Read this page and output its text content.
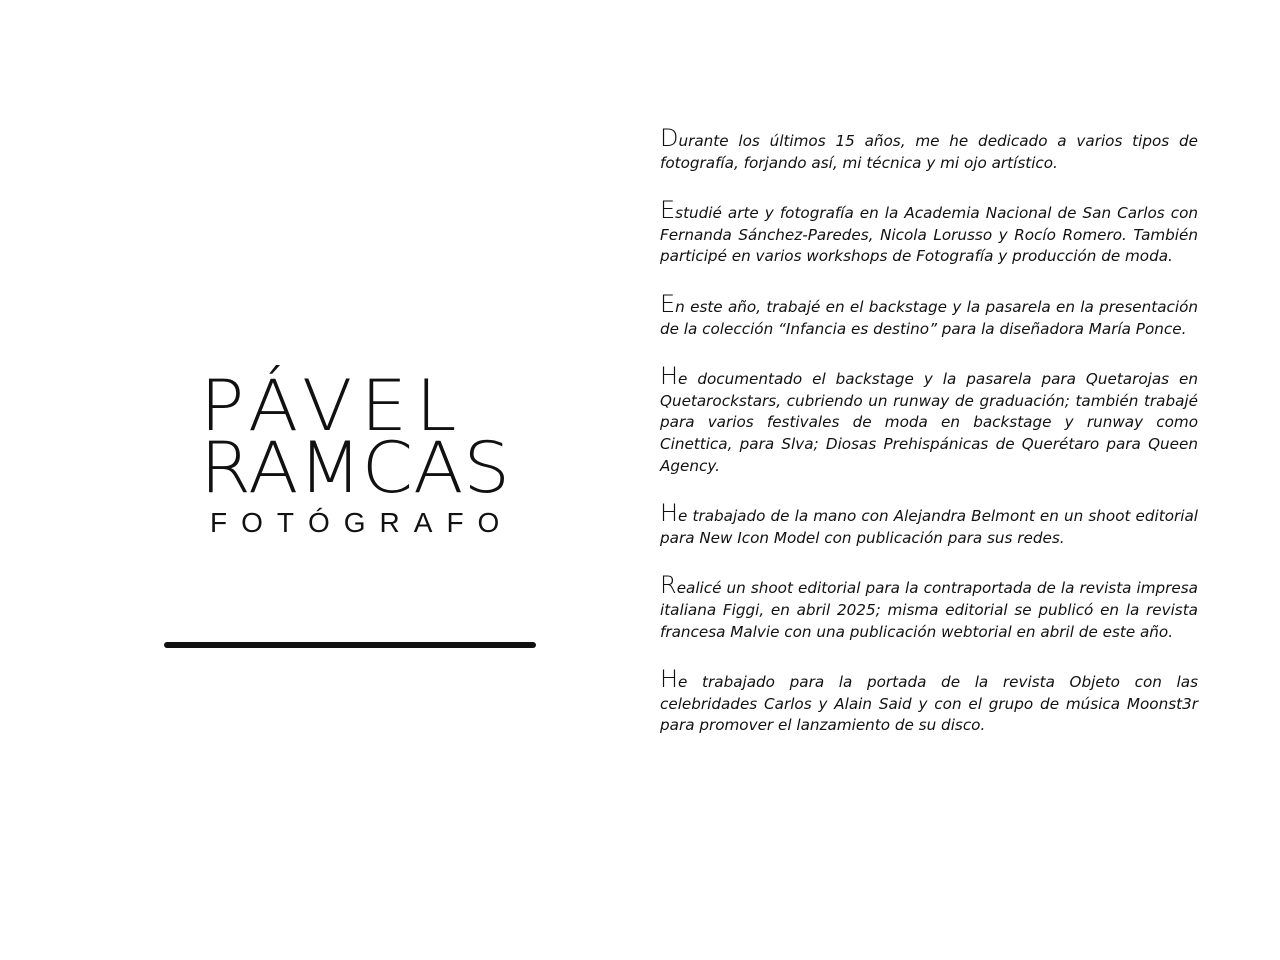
PÁVEL
RAMCAS
FOTÓGRAFO

Durante los últimos 15 años, me he dedicado a varios tipos de fotografía, forjando así, mi técnica y mi ojo artístico.

Estudié arte y fotografía en la Academia Nacional de San Carlos con Fernanda Sánchez-Paredes, Nicola Lorusso y Rocío Romero. También participé en varios workshops de Fotografía y producción de moda.

En este año, trabajé en el backstage y la pasarela en la presentación de la colección “Infancia es destino” para la diseñadora María Ponce.

He documentado el backstage y la pasarela para Quetarojas en Quetarockstars, cubriendo un runway de graduación; también trabajé para varios festivales de moda en backstage y runway como Cinettica, para Slva; Diosas Prehispánicas de Querétaro para Queen Agency.

He trabajado de la mano con Alejandra Belmont en un shoot editorial para New Icon Model con publicación para sus redes.

Realicé un shoot editorial para la contraportada de la revista impresa italiana Figgi, en abril 2025; misma editorial se publicó en la revista francesa Malvie con una publicación webtorial en abril de este año.

He trabajado para la portada de la revista Objeto con las celebridades Carlos y Alain Said y con el grupo de música Moonst3r para promover el lanzamiento de su disco.
